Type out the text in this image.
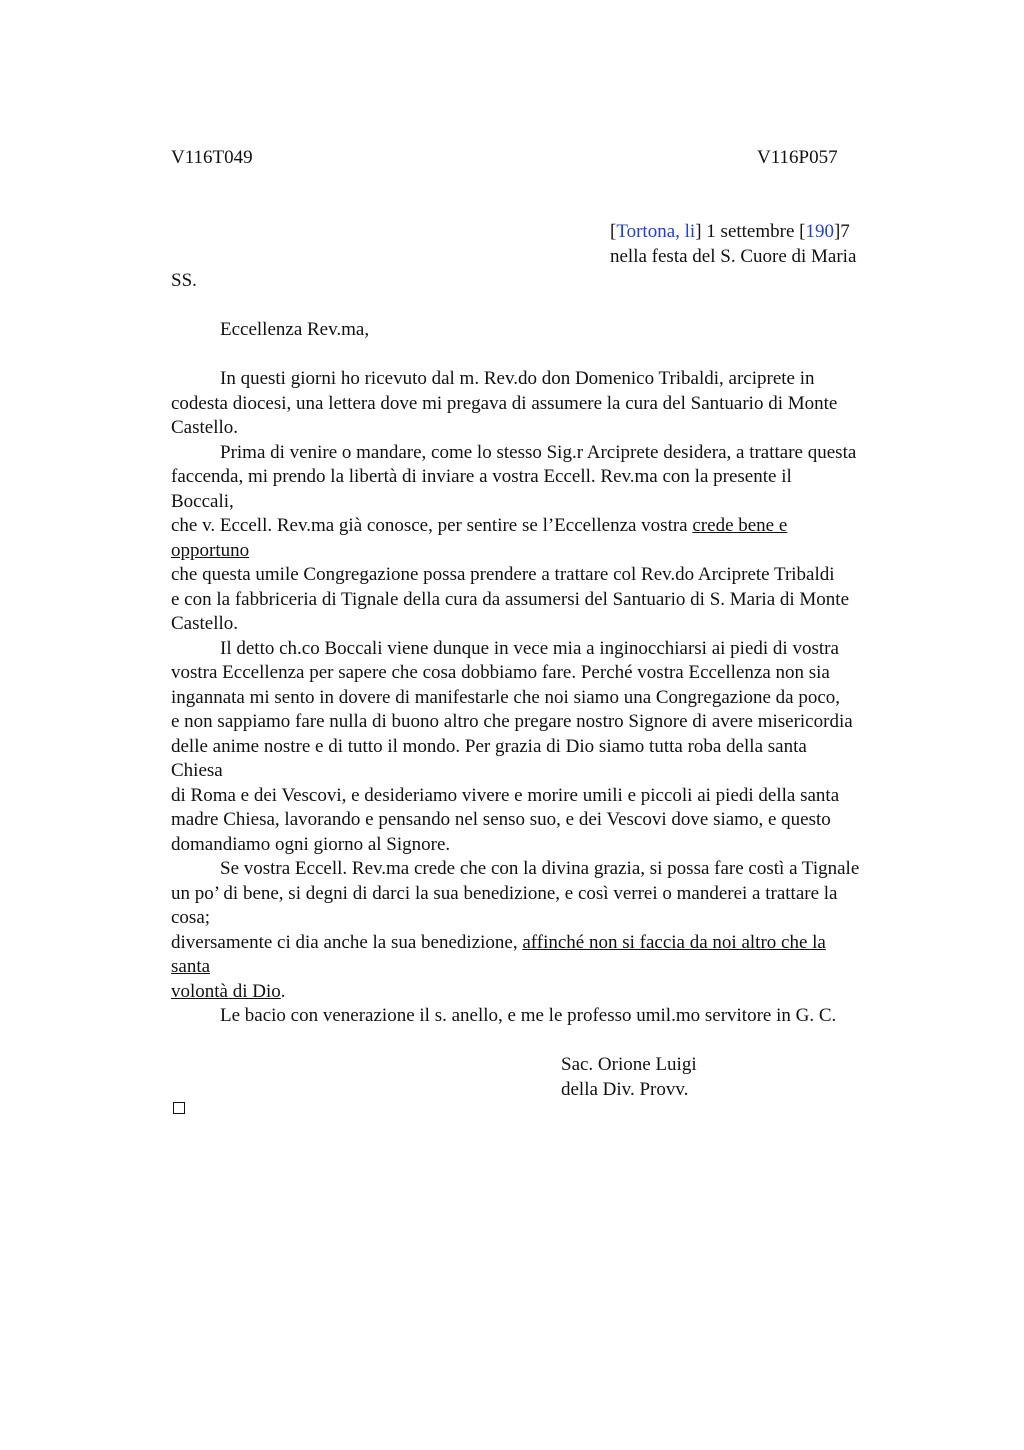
V116T049	V116P057
[Tortona, li] 1 settembre [190]7
nella festa del S. Cuore di Maria
SS.
Eccellenza Rev.ma,
In questi giorni ho ricevuto dal m. Rev.do don Domenico Tribaldi, arciprete in
codesta diocesi, una lettera dove mi pregava di assumere la cura del Santuario di Monte
Castello.
Prima di venire o mandare, come lo stesso Sig.r Arciprete desidera, a trattare questa
faccenda, mi prendo la libertà di inviare a vostra Eccell. Rev.ma con la presente il
Boccali,
che v. Eccell. Rev.ma già conosce, per sentire se l’Eccellenza vostra crede bene e
opportuno
che questa umile Congregazione possa prendere a trattare col Rev.do Arciprete Tribaldi
e con la fabbriceria di Tignale della cura da assumersi del Santuario di S. Maria di Monte
Castello.
Il detto ch.co Boccali viene dunque in vece mia a inginocchiarsi ai piedi di vostra
vostra Eccellenza per sapere che cosa dobbiamo fare. Perché vostra Eccellenza non sia
ingannata mi sento in dovere di manifestarle che noi siamo una Congregazione da poco,
e non sappiamo fare nulla di buono altro che pregare nostro Signore di avere misericordia
delle anime nostre e di tutto il mondo. Per grazia di Dio siamo tutta roba della santa
Chiesa
di Roma e dei Vescovi, e desideriamo vivere e morire umili e piccoli ai piedi della santa
madre Chiesa, lavorando e pensando nel senso suo, e dei Vescovi dove siamo, e questo
domandiamo ogni giorno al Signore.
Se vostra Eccell. Rev.ma crede che con la divina grazia, si possa fare costì a Tignale
un po’ di bene, si degni di darci la sua benedizione, e così verrei o manderei a trattare la
cosa;
diversamente ci dia anche la sua benedizione, affinché non si faccia da noi altro che la
santa
volontà di Dio.
Le bacio con venerazione il s. anello, e me le professo umil.mo servitore in G. C.
Sac. Orione Luigi
della Div. Provv.
